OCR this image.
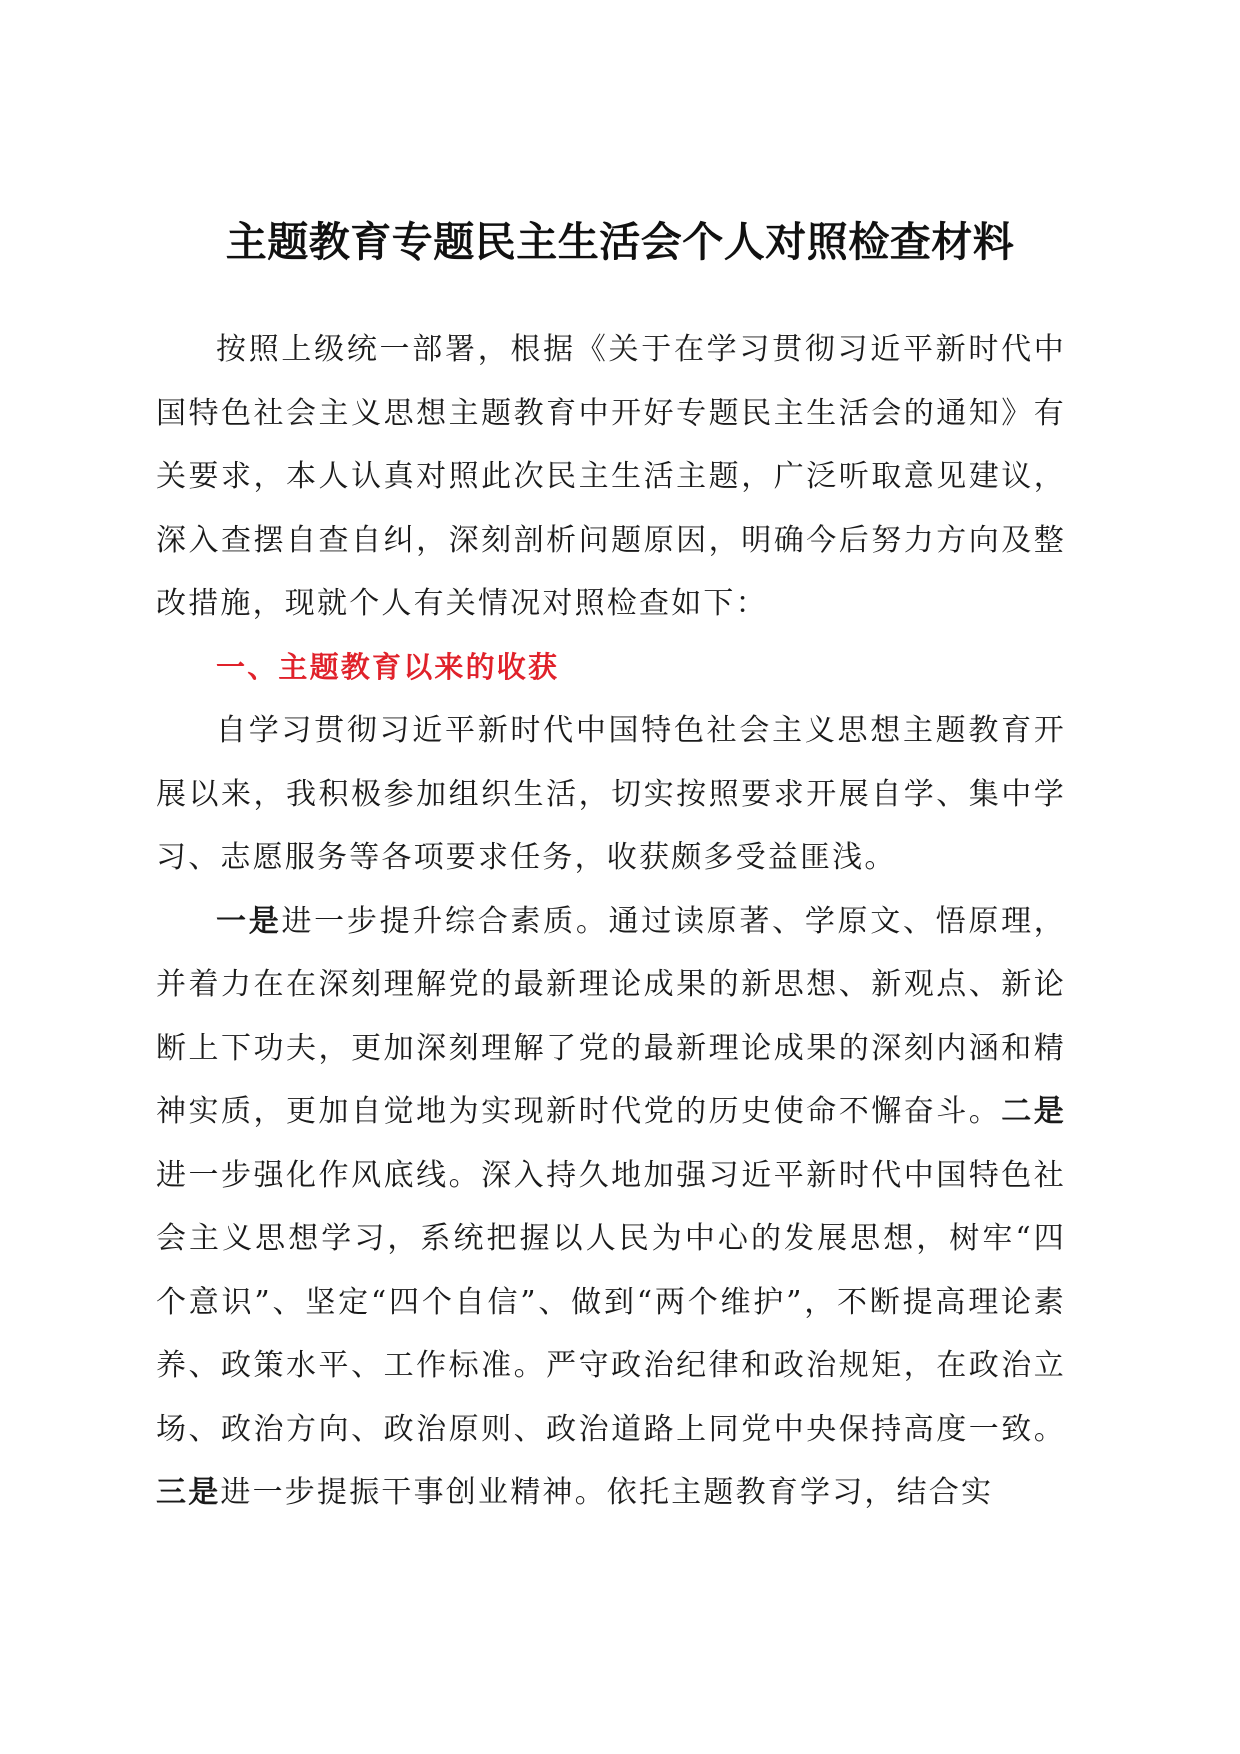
主题教育专题民主生活会个人对照检查材料

按照上级统一部署，根据《关于在学习贯彻习近平新时代中国特色社会主义思想主题教育中开好专题民主生活会的通知》有关要求，本人认真对照此次民主生活主题，广泛听取意见建议，深入查摆自查自纠，深刻剖析问题原因，明确今后努力方向及整改措施，现就个人有关情况对照检查如下：

一、主题教育以来的收获

自学习贯彻习近平新时代中国特色社会主义思想主题教育开展以来，我积极参加组织生活，切实按照要求开展自学、集中学习、志愿服务等各项要求任务，收获颇多受益匪浅。

一是进一步提升综合素质。通过读原著、学原文、悟原理，并着力在在深刻理解党的最新理论成果的新思想、新观点、新论断上下功夫，更加深刻理解了党的最新理论成果的深刻内涵和精神实质，更加自觉地为实现新时代党的历史使命不懈奋斗。二是进一步强化作风底线。深入持久地加强习近平新时代中国特色社会主义思想学习，系统把握以人民为中心的发展思想，树牢“四个意识”、坚定“四个自信”、做到“两个维护”，不断提高理论素养、政策水平、工作标准。严守政治纪律和政治规矩，在政治立场、政治方向、政治原则、政治道路上同党中央保持高度一致。三是进一步提振干事创业精神。依托主题教育学习，结合实
